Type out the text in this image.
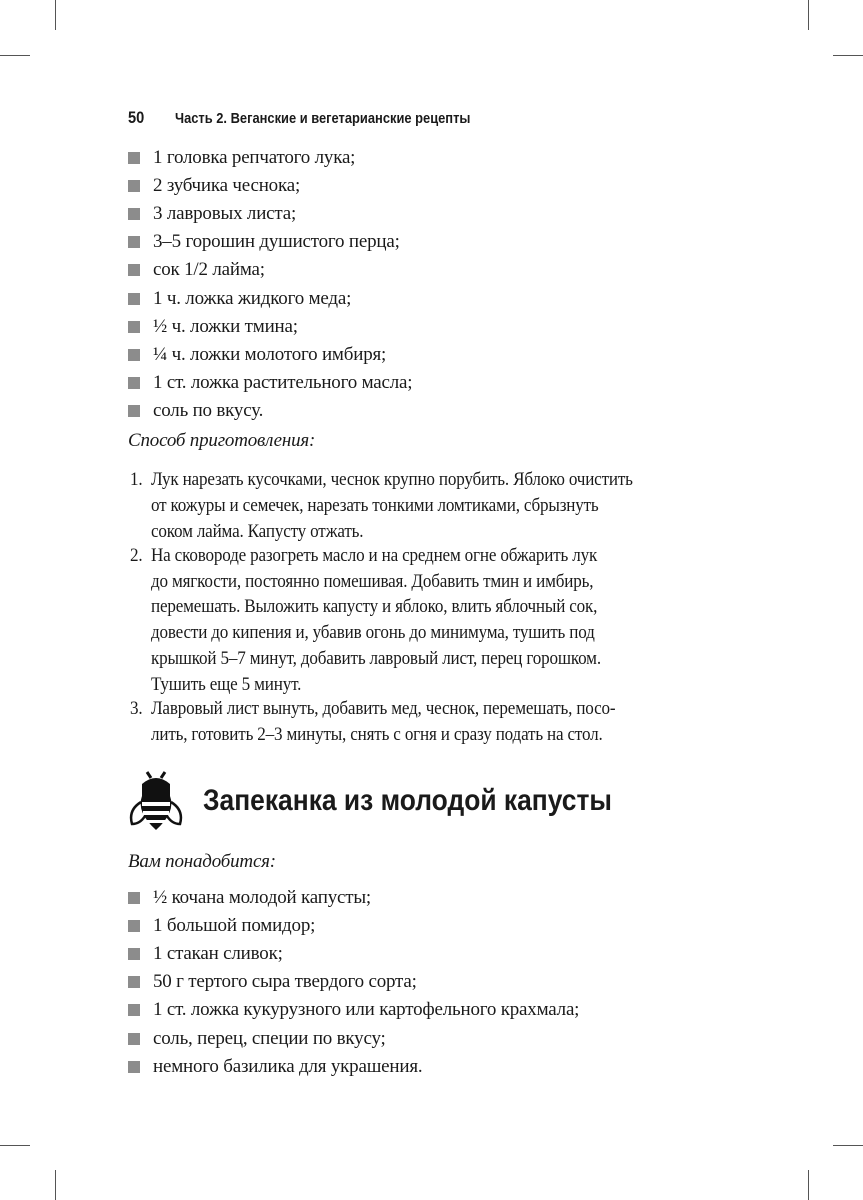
50 Часть 2. Веганские и вегетарианские рецепты
1 головка репчатого лука;
2 зубчика чеснока;
3 лавровых листа;
3–5 горошин душистого перца;
сок 1/2 лайма;
1 ч. ложка жидкого меда;
½ ч. ложки тмина;
¼ ч. ложки молотого имбиря;
1 ст. ложка растительного масла;
соль по вкусу.
Способ приготовления:
1. Лук нарезать кусочками, чеснок крупно порубить. Яблоко очистить
от кожуры и семечек, нарезать тонкими ломтиками, сбрызнуть
соком лайма. Капусту отжать.
2. На сковороде разогреть масло и на среднем огне обжарить лук
до мягкости, постоянно помешивая. Добавить тмин и имбирь,
перемешать. Выложить капусту и яблоко, влить яблочный сок,
довести до кипения и, убавив огонь до минимума, тушить под
крышкой 5–7 минут, добавить лавровый лист, перец горошком.
Тушить еще 5 минут.
3. Лавровый лист вынуть, добавить мед, чеснок, перемешать, посо-
лить, готовить 2–3 минуты, снять с огня и сразу подать на стол.
Запеканка из молодой капусты
Вам понадобится:
½ кочана молодой капусты;
1 большой помидор;
1 стакан сливок;
50 г тертого сыра твердого сорта;
1 ст. ложка кукурузного или картофельного крахмала;
соль, перец, специи по вкусу;
немного базилика для украшения.
